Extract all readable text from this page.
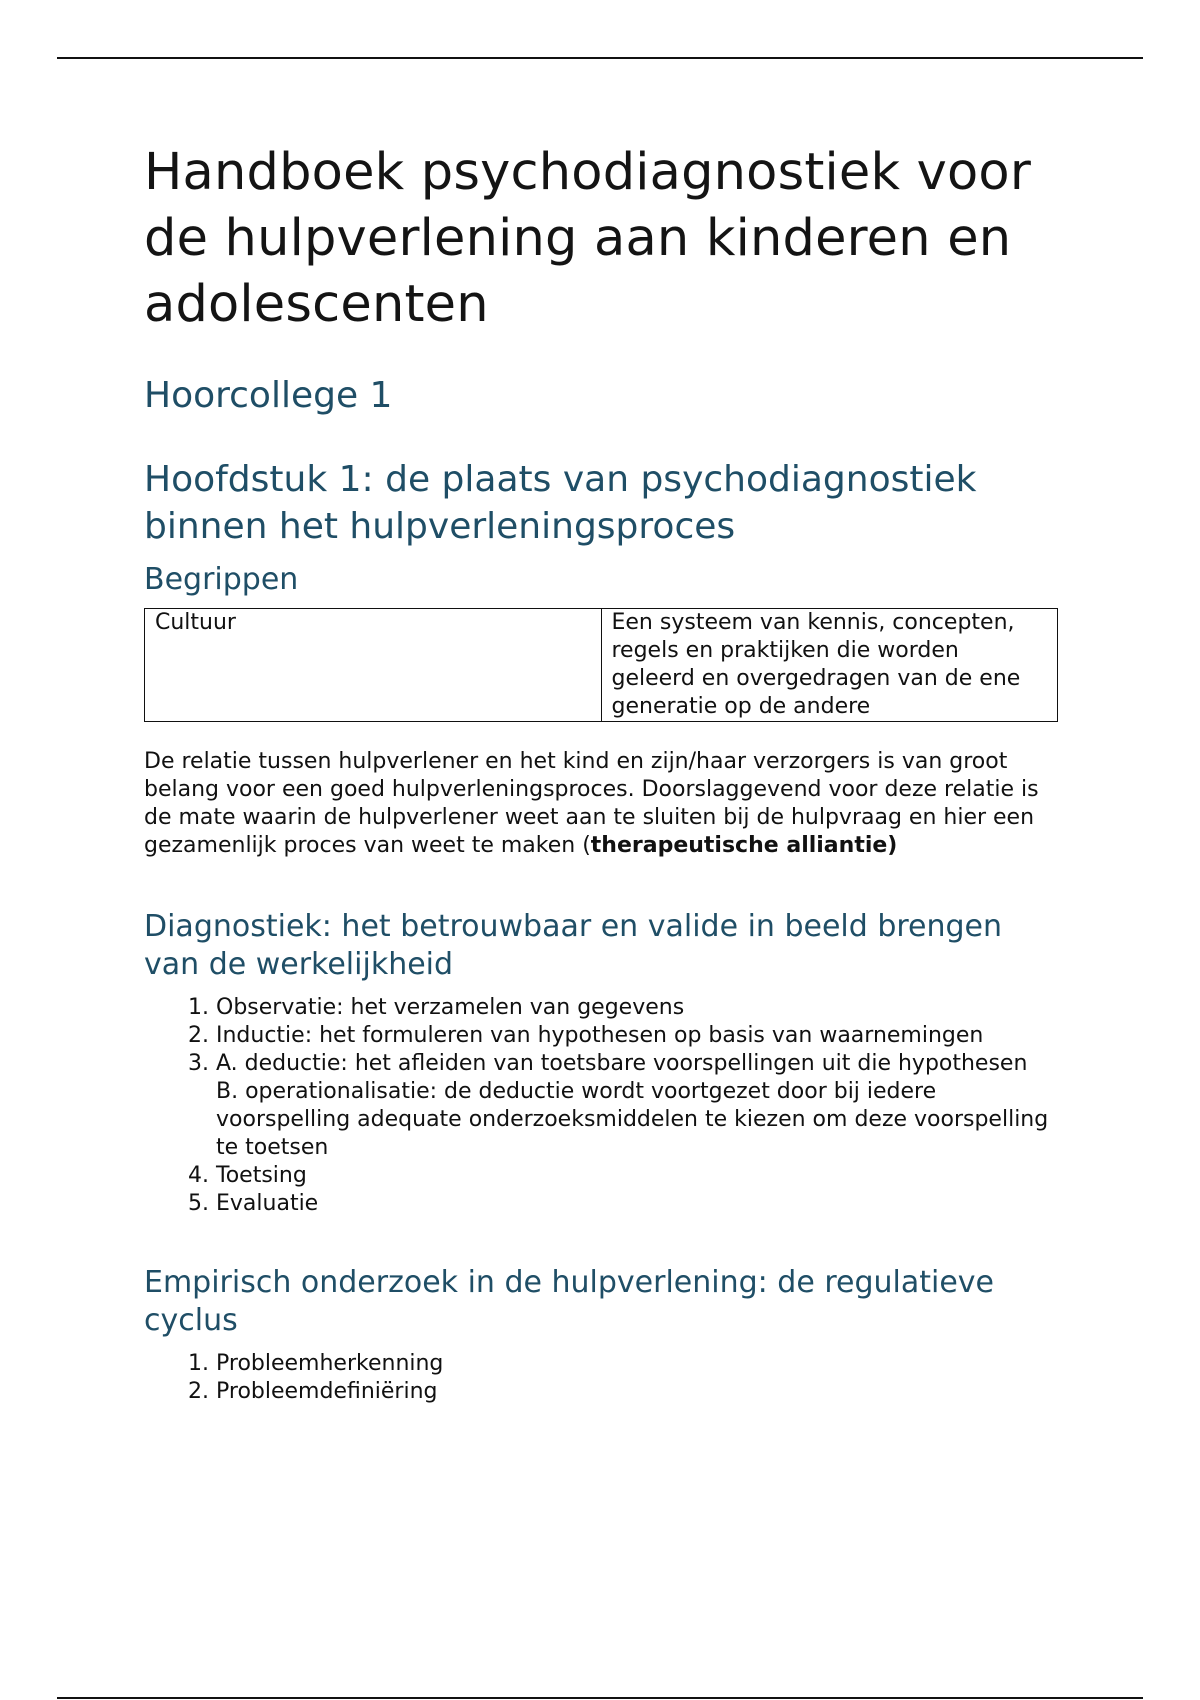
Handboek psychodiagnostiek voor de hulpverlening aan kinderen en adolescenten
Hoorcollege 1
Hoofdstuk 1: de plaats van psychodiagnostiek binnen het hulpverleningsproces
Begrippen
Cultuur	Een systeem van kennis, concepten, regels en praktijken die worden geleerd en overgedragen van de ene generatie op de andere

De relatie tussen hulpverlener en het kind en zijn/haar verzorgers is van groot belang voor een goed hulpverleningsproces. Doorslaggevend voor deze relatie is de mate waarin de hulpverlener weet aan te sluiten bij de hulpvraag en hier een gezamenlijk proces van weet te maken (therapeutische alliantie)

Diagnostiek: het betrouwbaar en valide in beeld brengen van de werkelijkheid
1. Observatie: het verzamelen van gegevens
2. Inductie: het formuleren van hypothesen op basis van waarnemingen
3. A. deductie: het afleiden van toetsbare voorspellingen uit die hypothesen
B. operationalisatie: de deductie wordt voortgezet door bij iedere voorspelling adequate onderzoeksmiddelen te kiezen om deze voorspelling te toetsen
4. Toetsing
5. Evaluatie
Empirisch onderzoek in de hulpverlening: de regulatieve cyclus
1. Probleemherkenning
2. Probleemdefiniëring
